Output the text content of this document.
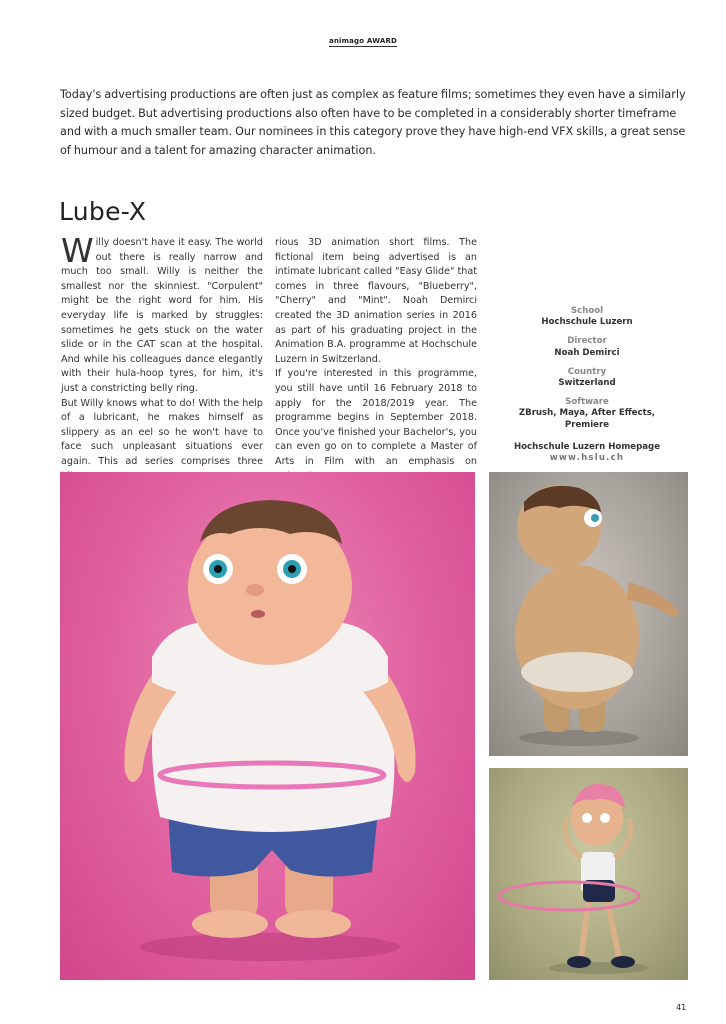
animago AWARD

Today's advertising productions are often just as complex as feature films; sometimes they even have a similarly sized budget. But advertising productions also often have to be completed in a considerably shorter timeframe and with a much smaller team. Our nominees in this category prove they have high-end VFX skills, a great sense of humour and a talent for amazing character animation.

Lube-X

Willy doesn't have it easy. The world out there is really narrow and much too small. Willy is neither the smallest nor the skinniest. "Corpulent" might be the right word for him. His everyday life is marked by struggles: sometimes he gets stuck on the water slide or in the CAT scan at the hospital. And while his colleagues dance elegantly with their hula-hoop tyres, for him, it's just a constricting belly ring.

But Willy knows what to do! With the help of a lubricant, he makes himself as slippery as an eel so he won't have to face such unpleasant situations ever again. This ad series comprises three

rious 3D animation short films. The fictional item being advertised is an intimate lubricant called "Easy Glide" that comes in three flavours, "Blueberry", "Cherry" and "Mint". Noah Demirci created the 3D animation series in 2016 as part of his graduating project in the Animation B.A. programme at Hochschule Luzern in Switzerland.

If you're interested in this programme, you still have until 16 February 2018 to apply for the 2018/2019 year. The programme begins in September 2018. Once you've finished your Bachelor's, you can even go on to complete a Master of Arts in Film with an emphasis on

School
Hochschule Luzern
Director
Noah Demirci
Country
Switzerland
Software
ZBrush, Maya, After Effects, Premiere
Hochschule Luzern Homepage
www.hslu.ch
41
